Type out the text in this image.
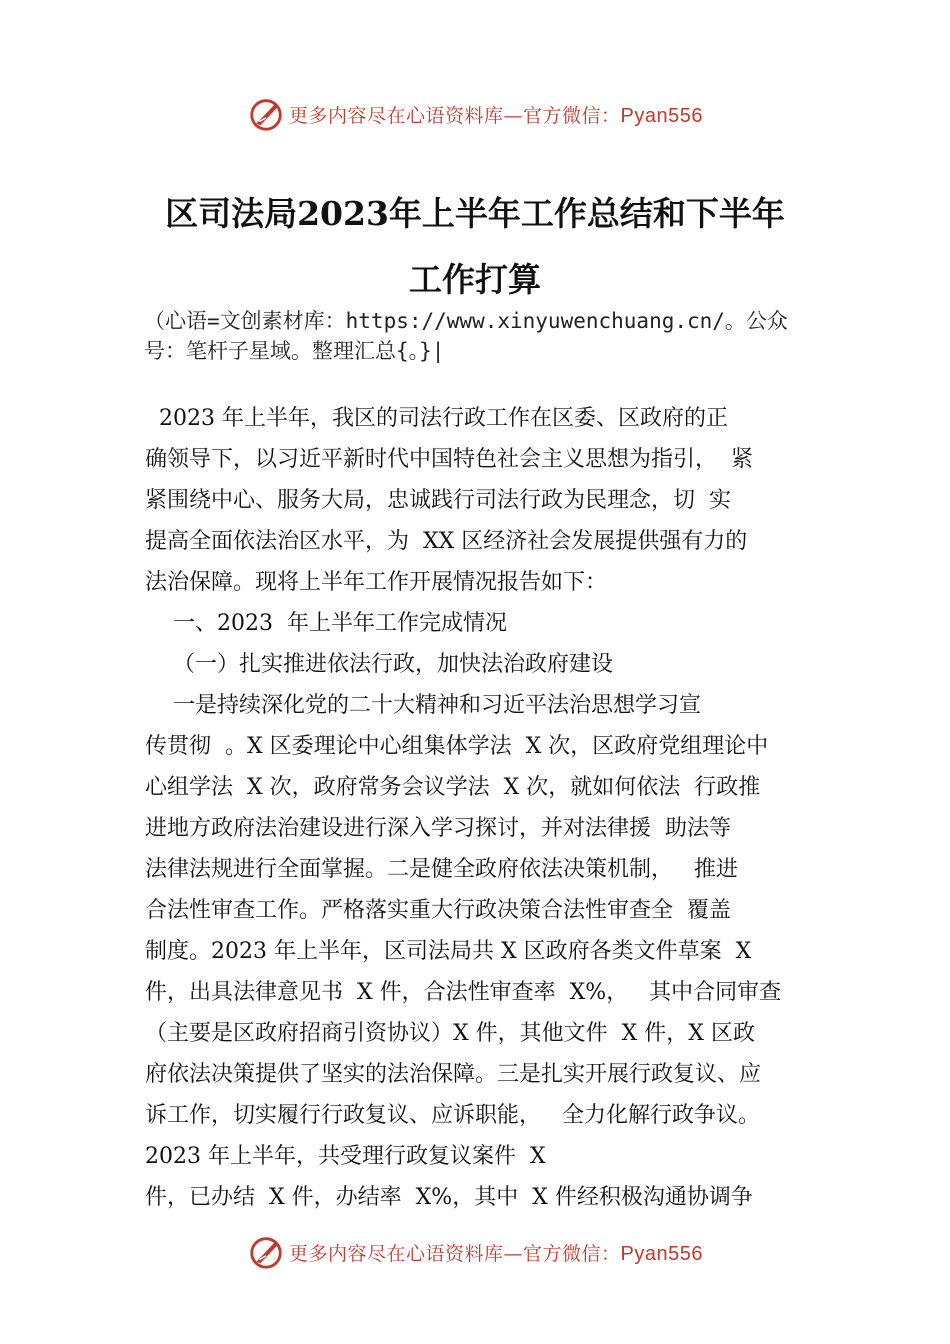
更多内容尽在心语资料库—官方微信：Pyan556
区司法局2023年上半年工作总结和下半年
工作打算
（心语=文创素材库：https://www.xinyuwenchuang.cn/。公众
号：笔杆子星域。整理汇总{。}|
2023 年上半年，我区的司法行政工作在区委、区政府的正
确领导下，以习近平新时代中国特色社会主义思想为指引，  紧
紧围绕中心、服务大局，忠诚践行司法行政为民理念，切  实
提高全面依法治区水平，为  XX 区经济社会发展提供强有力的
法治保障。现将上半年工作开展情况报告如下：
一、2023  年上半年工作完成情况
（一）扎实推进依法行政，加快法治政府建设
一是持续深化党的二十大精神和习近平法治思想学习宣
传贯彻  。X 区委理论中心组集体学法  X 次，区政府党组理论中
心组学法  X 次，政府常务会议学法  X 次，就如何依法  行政推
进地方政府法治建设进行深入学习探讨，并对法律援  助法等
法律法规进行全面掌握。二是健全政府依法决策机制，   推进
合法性审查工作。严格落实重大行政决策合法性审查全  覆盖
制度。2023 年上半年，区司法局共 X 区政府各类文件草案  X
件，出具法律意见书  X 件，合法性审查率  X%，   其中合同审查
（主要是区政府招商引资协议）X 件，其他文件  X 件，X 区政
府依法决策提供了坚实的法治保障。三是扎实开展行政复议、应
诉工作，切实履行行政复议、应诉职能，   全力化解行政争议。
2023 年上半年，共受理行政复议案件  X
件，已办结  X 件，办结率  X%，其中  X 件经积极沟通协调争
更多内容尽在心语资料库—官方微信：Pyan556
